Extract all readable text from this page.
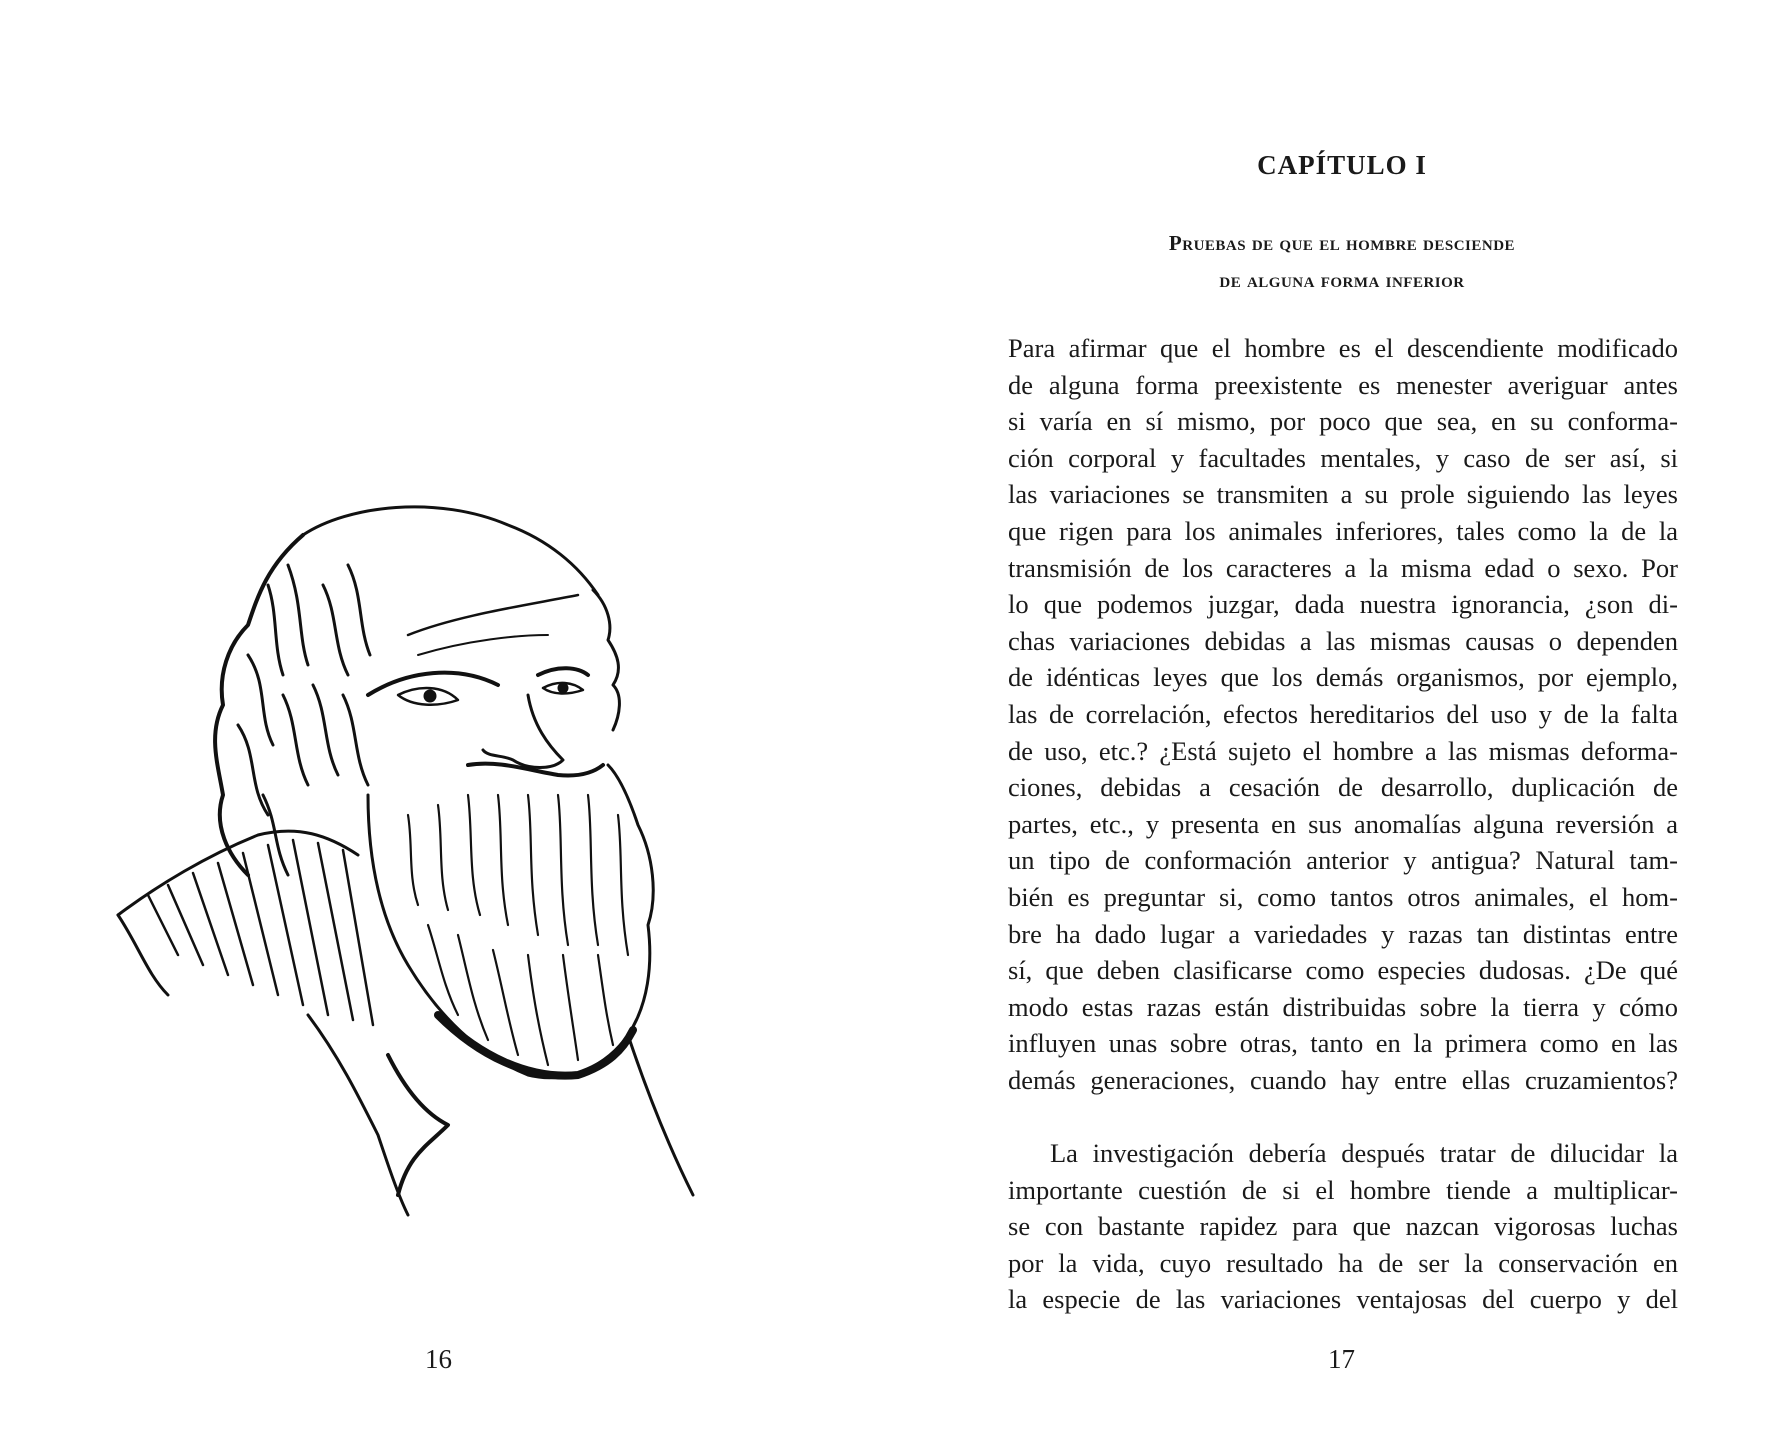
16
CAPÍTULO I
Pruebas de que el hombre desciende
de alguna forma inferior
Para afirmar que el hombre es el descendiente modificado
de alguna forma preexistente es menester averiguar antes
si varía en sí mismo, por poco que sea, en su conforma-
ción corporal y facultades mentales, y caso de ser así, si
las variaciones se transmiten a su prole siguiendo las leyes
que rigen para los animales inferiores, tales como la de la
transmisión de los caracteres a la misma edad o sexo. Por
lo que podemos juzgar, dada nuestra ignorancia, ¿son di-
chas variaciones debidas a las mismas causas o dependen
de idénticas leyes que los demás organismos, por ejemplo,
las de correlación, efectos hereditarios del uso y de la falta
de uso, etc.? ¿Está sujeto el hombre a las mismas deforma-
ciones, debidas a cesación de desarrollo, duplicación de
partes, etc., y presenta en sus anomalías alguna reversión a
un tipo de conformación anterior y antigua? Natural tam-
bién es preguntar si, como tantos otros animales, el hom-
bre ha dado lugar a variedades y razas tan distintas entre
sí, que deben clasificarse como especies dudosas. ¿De qué
modo estas razas están distribuidas sobre la tierra y cómo
influyen unas sobre otras, tanto en la primera como en las
demás generaciones, cuando hay entre ellas cruzamientos?
La investigación debería después tratar de dilucidar la
importante cuestión de si el hombre tiende a multiplicar-
se con bastante rapidez para que nazcan vigorosas luchas
por la vida, cuyo resultado ha de ser la conservación en
la especie de las variaciones ventajosas del cuerpo y del
17
